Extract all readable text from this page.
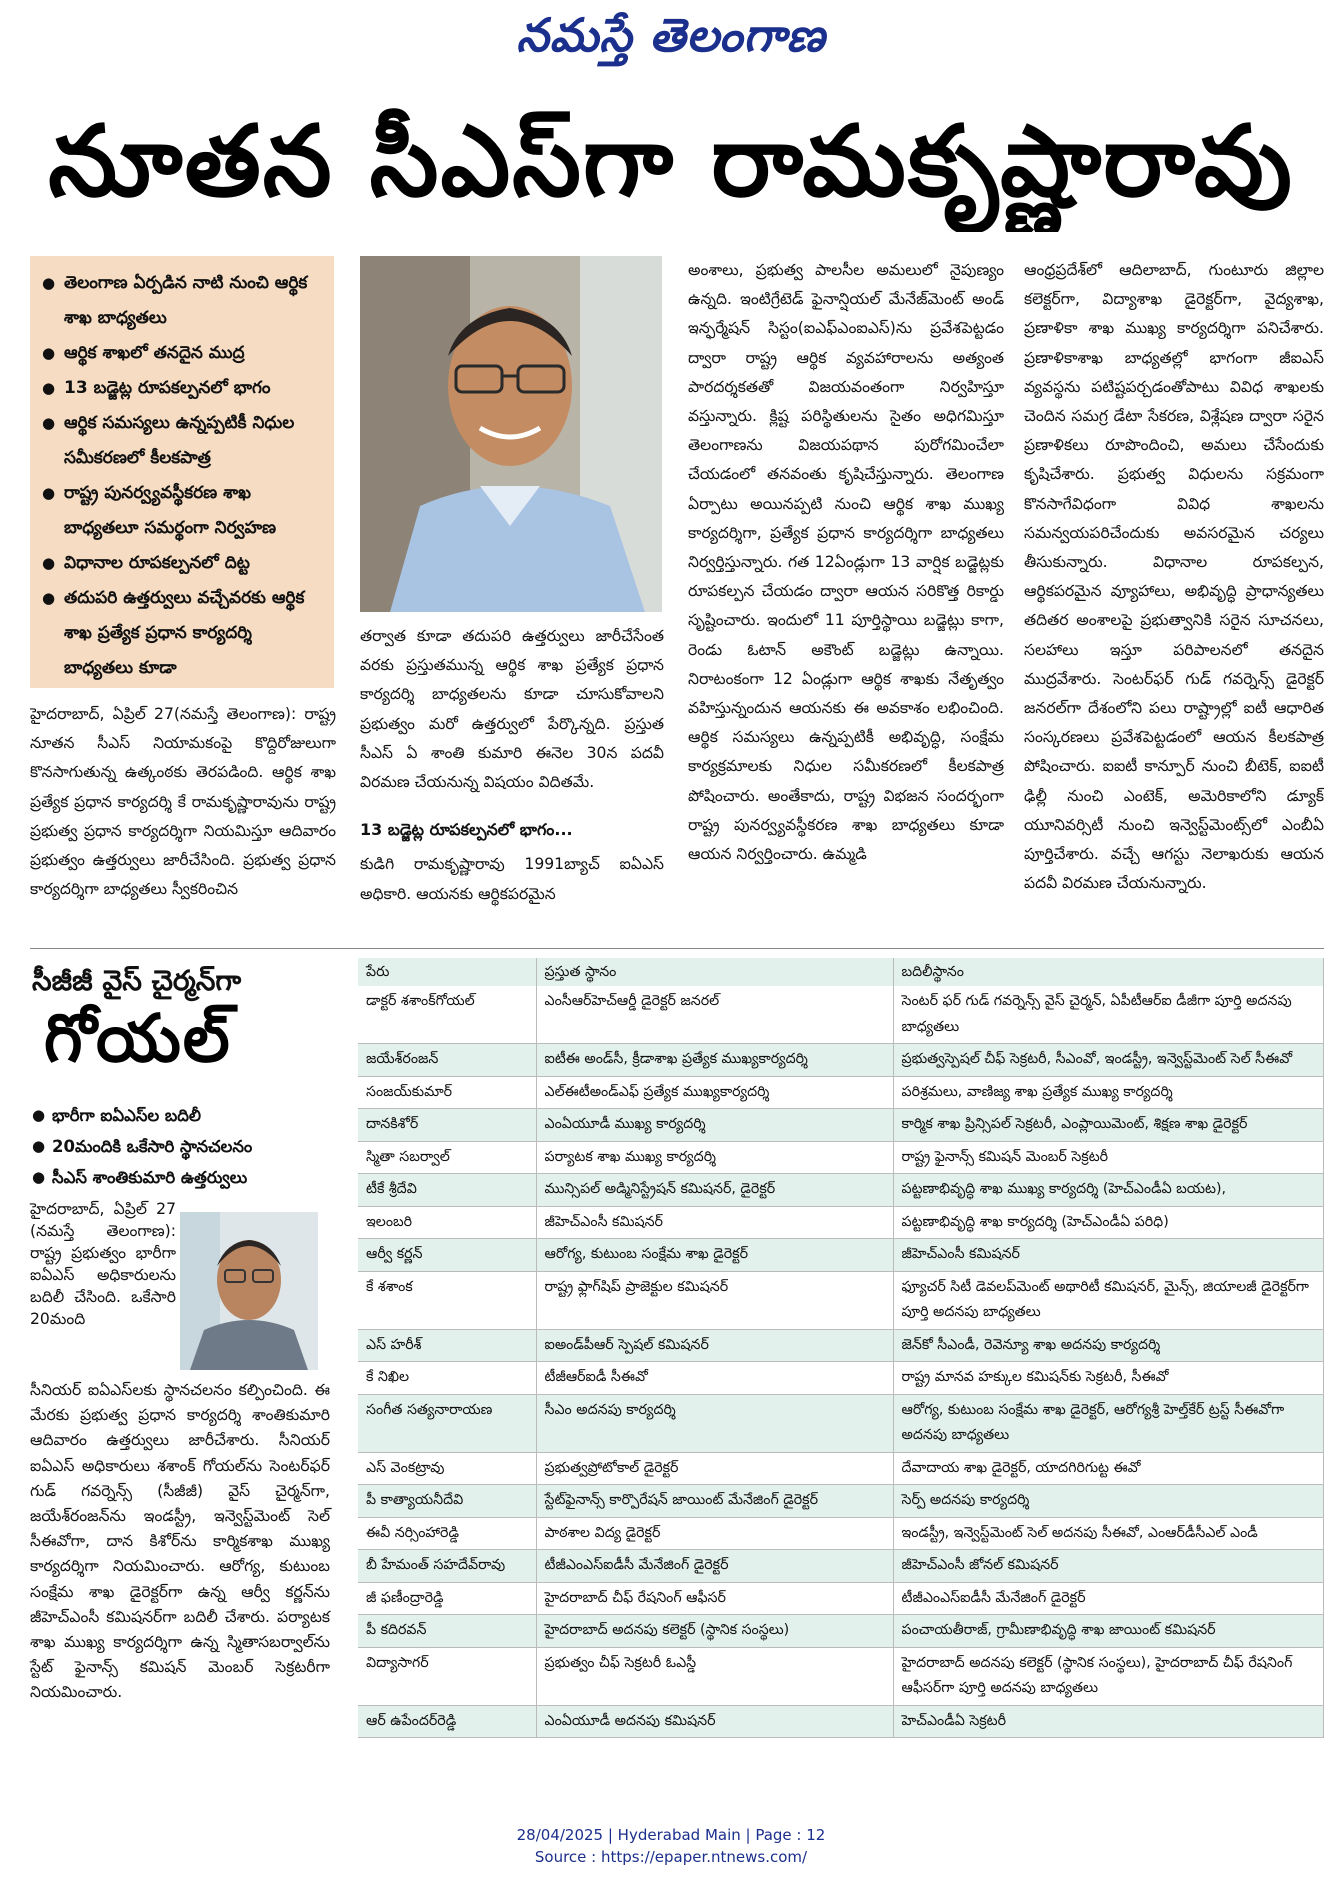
నమస్తే తెలంగాణ
నూతన సీఎస్‌గా రామకృష్ణారావు
● తెలంగాణ ఏర్పడిన నాటి నుంచి ఆర్థిక శాఖ బాధ్యతలు
● ఆర్థిక శాఖలో తనదైన ముద్ర
● 13 బడ్జెట్ల రూపకల్పనలో భాగం
● ఆర్థిక సమస్యలు ఉన్నప్పటికీ నిధుల సమీకరణలో కీలకపాత్ర
● రాష్ట్ర పునర్వ్యవస్థీకరణ శాఖ బాధ్యతలూ సమర్థంగా నిర్వహణ
● విధానాల రూపకల్పనలో దిట్ట
● తదుపరి ఉత్తర్వులు వచ్చేవరకు ఆర్థిక శాఖ ప్రత్యేక ప్రధాన కార్యదర్శి బాధ్యతలు కూడా

హైదరాబాద్, ఏప్రిల్ 27(నమస్తే తెలంగాణ): రాష్ట్ర నూతన సీఎస్ నియామకంపై కొద్దిరోజులుగా కొనసాగుతున్న ఉత్కంఠకు తెరపడింది. ఆర్థిక శాఖ ప్రత్యేక ప్రధాన కార్యదర్శి కే రామకృష్ణారావును రాష్ట్ర ప్రభుత్వ ప్రధాన కార్యదర్శిగా నియమిస్తూ ఆదివారం ప్రభుత్వం ఉత్తర్వులు జారీచేసింది. ప్రభుత్వ ప్రధాన కార్యదర్శిగా బాధ్యతలు స్వీకరించిన

తర్వాత కూడా తదుపరి ఉత్తర్వులు జారీచేసేంత వరకు ప్రస్తుతమున్న ఆర్థిక శాఖ ప్రత్యేక ప్రధాన కార్యదర్శి బాధ్యతలను కూడా చూసుకోవాలని ప్రభుత్వం మరో ఉత్తర్వులో పేర్కొన్నది. ప్రస్తుత సీఎస్ ఏ శాంతి కుమారి ఈనెల 30న పదవీ విరమణ చేయనున్న విషయం విదితమే.

13 బడ్జెట్ల రూపకల్పనలో భాగం...

కుడిగి రామకృష్ణారావు 1991బ్యాచ్ ఐఏఎస్ అధికారి. ఆయనకు ఆర్థికపరమైన

అంశాలు, ప్రభుత్వ పాలసీల అమలులో నైపుణ్యం ఉన్నది. ఇంటిగ్రేటెడ్ ఫైనాన్షియల్ మేనేజ్‌మెంట్ అండ్ ఇన్ఫర్మేషన్ సిస్టం(ఐఎఫ్‌ఎంఐఎస్)ను ప్రవేశపెట్టడం ద్వారా రాష్ట్ర ఆర్థిక వ్యవహారాలను అత్యంత పారదర్శకతతో విజయవంతంగా నిర్వహిస్తూ వస్తున్నారు. క్లిష్ట పరిస్థితులను సైతం అధిగమిస్తూ తెలంగాణను విజయపథాన పురోగమించేలా చేయడంలో తనవంతు కృషిచేస్తున్నారు. తెలంగాణ ఏర్పాటు అయినప్పటి నుంచి ఆర్థిక శాఖ ముఖ్య కార్యదర్శిగా, ప్రత్యేక ప్రధాన కార్యదర్శిగా బాధ్యతలు నిర్వర్తిస్తున్నారు. గత 12ఏండ్లుగా 13 వార్షిక బడ్జెట్లకు రూపకల్పన చేయడం ద్వారా ఆయన సరికొత్త రికార్డు సృష్టించారు. ఇందులో 11 పూర్తిస్థాయి బడ్జెట్లు కాగా, రెండు ఓటాన్ అకౌంట్ బడ్జెట్లు ఉన్నాయి. నిరాటంకంగా 12 ఏండ్లుగా ఆర్థిక శాఖకు నేతృత్వం వహిస్తున్నందున ఆయనకు ఈ అవకాశం లభించింది. ఆర్థిక సమస్యలు ఉన్నప్పటికీ అభివృద్ధి, సంక్షేమ కార్యక్రమాలకు నిధుల సమీకరణలో కీలకపాత్ర పోషించారు. అంతేకాదు, రాష్ట్ర విభజన సందర్భంగా రాష్ట్ర పునర్వ్యవస్థీకరణ శాఖ బాధ్యతలు కూడా ఆయన నిర్వర్తించారు. ఉమ్మడి

ఆంధ్రప్రదేశ్‌లో ఆదిలాబాద్, గుంటూరు జిల్లాల కలెక్టర్‌గా, విద్యాశాఖ డైరెక్టర్‌గా, వైద్యశాఖ, ప్రణాళికా శాఖ ముఖ్య కార్యదర్శిగా పనిచేశారు. ప్రణాళికాశాఖ బాధ్యతల్లో భాగంగా జీఐఎస్ వ్యవస్థను పటిష్టపర్చడంతోపాటు వివిధ శాఖలకు చెందిన సమగ్ర డేటా సేకరణ, విశ్లేషణ ద్వారా సరైన ప్రణాళికలు రూపొందించి, అమలు చేసేందుకు కృషిచేశారు. ప్రభుత్వ విధులను సక్రమంగా కొనసాగేవిధంగా వివిధ శాఖలను సమన్వయపరిచేందుకు అవసరమైన చర్యలు తీసుకున్నారు. విధానాల రూపకల్పన, ఆర్థికపరమైన వ్యూహాలు, అభివృద్ధి ప్రాధాన్యతలు తదితర అంశాలపై ప్రభుత్వానికి సరైన సూచనలు, సలహాలు ఇస్తూ పరిపాలనలో తనదైన ముద్రవేశారు. సెంటర్‌ఫర్ గుడ్ గవర్నెన్స్ డైరెక్టర్ జనరల్‌గా దేశంలోని పలు రాష్ట్రాల్లో ఐటీ ఆధారిత సంస్కరణలు ప్రవేశపెట్టడంలో ఆయన కీలకపాత్ర పోషించారు. ఐఐటీ కాన్పూర్ నుంచి బీటెక్, ఐఐటీ ఢిల్లీ నుంచి ఎంటెక్, అమెరికాలోని డ్యూక్ యూనివర్సిటీ నుంచి ఇన్వెస్ట్‌మెంట్స్‌లో ఎంబీఏ పూర్తిచేశారు. వచ్చే ఆగస్టు నెలాఖరుకు ఆయన పదవీ విరమణ చేయనున్నారు.

సీజీజీ వైస్ చైర్మన్‌గా
గోయల్
● భారీగా ఐఏఎస్‌ల బదిలీ
● 20మందికి ఒకేసారి స్థానచలనం
● సీఎస్ శాంతికుమారి ఉత్తర్వులు
హైదరాబాద్, ఏప్రిల్ 27 (నమస్తే తెలంగాణ): రాష్ట్ర ప్రభుత్వం భారీగా ఐఏఎస్ అధికారులను బదిలీ చేసింది. ఒకేసారి 20మంది
సీనియర్ ఐఏఎస్‌లకు స్థానచలనం కల్పించింది. ఈ మేరకు ప్రభుత్వ ప్రధాన కార్యదర్శి శాంతికుమారి ఆదివారం ఉత్తర్వులు జారీచేశారు. సీనియర్ ఐఏఎస్ అధికారులు శశాంక్ గోయల్‌ను సెంటర్‌ఫర్ గుడ్ గవర్నెన్స్ (సీజీజీ) వైస్ చైర్మన్‌గా, జయేశ్‌రంజన్‌ను ఇండస్ట్రీ, ఇన్వెస్ట్‌మెంట్ సెల్ సీఈవోగా, దాన కిశోర్‌ను కార్మికశాఖ ముఖ్య కార్యదర్శిగా నియమించారు. ఆరోగ్య, కుటుంబ సంక్షేమ శాఖ డైరెక్టర్‌గా ఉన్న ఆర్వీ కర్ణన్‌ను జీహెచ్‌ఎంసీ కమిషనర్‌గా బదిలీ చేశారు. పర్యాటక శాఖ ముఖ్య కార్యదర్శిగా ఉన్న స్మితాసబర్వాల్‌ను స్టేట్ ఫైనాన్స్ కమిషన్ మెంబర్ సెక్రటరీగా నియమించారు.
పేరు	ప్రస్తుత స్థానం	బదిలీస్థానం
డాక్టర్ శశాంక్‌గోయల్	ఎంసీఆర్‌హెచ్‌ఆర్డీ డైరెక్టర్ జనరల్	సెంటర్ ఫర్ గుడ్ గవర్నెన్స్ వైస్ చైర్మన్, ఏపీటీఆర్‌ఐ డీజీగా పూర్తి అదనపు బాధ్యతలు
జయేశ్‌రంజన్	ఐటీఈ అండ్‌సీ, క్రీడాశాఖ ప్రత్యేక ముఖ్యకార్యదర్శి	ప్రభుత్వస్పెషల్ చీఫ్ సెక్రటరీ, సీఎంవో, ఇండస్ట్రీ, ఇన్వెస్ట్‌మెంట్ సెల్ సీఈవో
సంజయ్‌కుమార్	ఎల్ఈటీఅండ్‌ఎఫ్ ప్రత్యేక ముఖ్యకార్యదర్శి	పరిశ్రమలు, వాణిజ్య శాఖ ప్రత్యేక ముఖ్య కార్యదర్శి
దానకిశోర్	ఎంఏయూడీ ముఖ్య కార్యదర్శి	కార్మిక శాఖ ప్రిన్సిపల్ సెక్రటరీ, ఎంప్లాయిమెంట్, శిక్షణ శాఖ డైరెక్టర్
స్మితా సబర్వాల్	పర్యాటక శాఖ ముఖ్య కార్యదర్శి	రాష్ట్ర ఫైనాన్స్ కమిషన్ మెంబర్ సెక్రటరీ
టీకే శ్రీదేవి	మున్సిపల్ అడ్మినిస్ట్రేషన్ కమిషనర్, డైరెక్టర్	పట్టణాభివృద్ధి శాఖ ముఖ్య కార్యదర్శి (హెచ్‌ఎండీఏ బయట),
ఇలంబరి	జీహెచ్‌ఎంసీ కమిషనర్	పట్టణాభివృద్ధి శాఖ కార్యదర్శి (హెచ్‌ఎండీఏ పరిధి)
ఆర్వీ కర్ణన్	ఆరోగ్య, కుటుంబ సంక్షేమ శాఖ డైరెక్టర్	జీహెచ్‌ఎంసీ కమిషనర్
కే శశాంక	రాష్ట్ర ఫ్లాగ్‌షిప్ ప్రాజెక్టుల కమిషనర్	ఫ్యూచర్ సిటీ డెవలప్‌మెంట్ అథారిటీ కమిషనర్, మైన్స్, జియాలజీ డైరెక్టర్‌గా పూర్తి అదనపు బాధ్యతలు
ఎస్ హరీశ్	ఐఅండ్‌పీఆర్ స్పెషల్ కమిషనర్	జెన్‌కో సీఎండీ, రెవెన్యూ శాఖ అదనపు కార్యదర్శి
కే నిఖిల	టీజీఆర్‌ఐడీ సీఈవో	రాష్ట్ర మానవ హక్కుల కమిషన్‌కు సెక్రటరీ, సీఈవో
సంగీత సత్యనారాయణ	సీఎం అదనపు కార్యదర్శి	ఆరోగ్య, కుటుంబ సంక్షేమ శాఖ డైరెక్టర్, ఆరోగ్యశ్రీ హెల్త్‌కేర్ ట్రస్ట్ సీఈవోగా అదనపు బాధ్యతలు
ఎస్ వెంకట్రావు	ప్రభుత్వప్రోటోకాల్ డైరెక్టర్	దేవాదాయ శాఖ డైరెక్టర్, యాదగిరిగుట్ట ఈవో
పీ కాత్యాయనీదేవి	స్టేట్‌ఫైనాన్స్ కార్పొరేషన్ జాయింట్ మేనేజింగ్ డైరెక్టర్	సెర్ప్ అదనపు కార్యదర్శి
ఈవీ నర్సింహారెడ్డి	పాఠశాల విద్య డైరెక్టర్	ఇండస్ట్రీ, ఇన్వెస్ట్‌మెంట్ సెల్ అదనపు సీఈవో, ఎంఆర్‌డీసీఎల్ ఎండీ
బీ హేమంత్ సహదేవ్‌రావు	టీజీఎంఎస్‌ఐడీసీ మేనేజింగ్ డైరెక్టర్	జీహెచ్‌ఎంసీ జోనల్ కమిషనర్
జీ ఫణీంద్రారెడ్డి	హైదరాబాద్ చీఫ్ రేషనింగ్ ఆఫీసర్	టీజీఎంఎస్‌ఐడీసీ మేనేజింగ్ డైరెక్టర్
పీ కదిరవన్	హైదరాబాద్ అదనపు కలెక్టర్ (స్థానిక సంస్థలు)	పంచాయతీరాజ్, గ్రామీణాభివృద్ధి శాఖ జాయింట్ కమిషనర్
విద్యాసాగర్	ప్రభుత్వం చీఫ్ సెక్రటరీ ఓఎస్డీ	హైదరాబాద్ అదనపు కలెక్టర్ (స్థానిక సంస్థలు), హైదరాబాద్ చీఫ్ రేషనింగ్ ఆఫీసర్‌గా పూర్తి అదనపు బాధ్యతలు
ఆర్ ఉపేందర్‌రెడ్డి	ఎంఏయూడీ అదనపు కమిషనర్	హెచ్‌ఎండీఏ సెక్రటరీ
28/04/2025 | Hyderabad Main | Page : 12
Source : https://epaper.ntnews.com/
